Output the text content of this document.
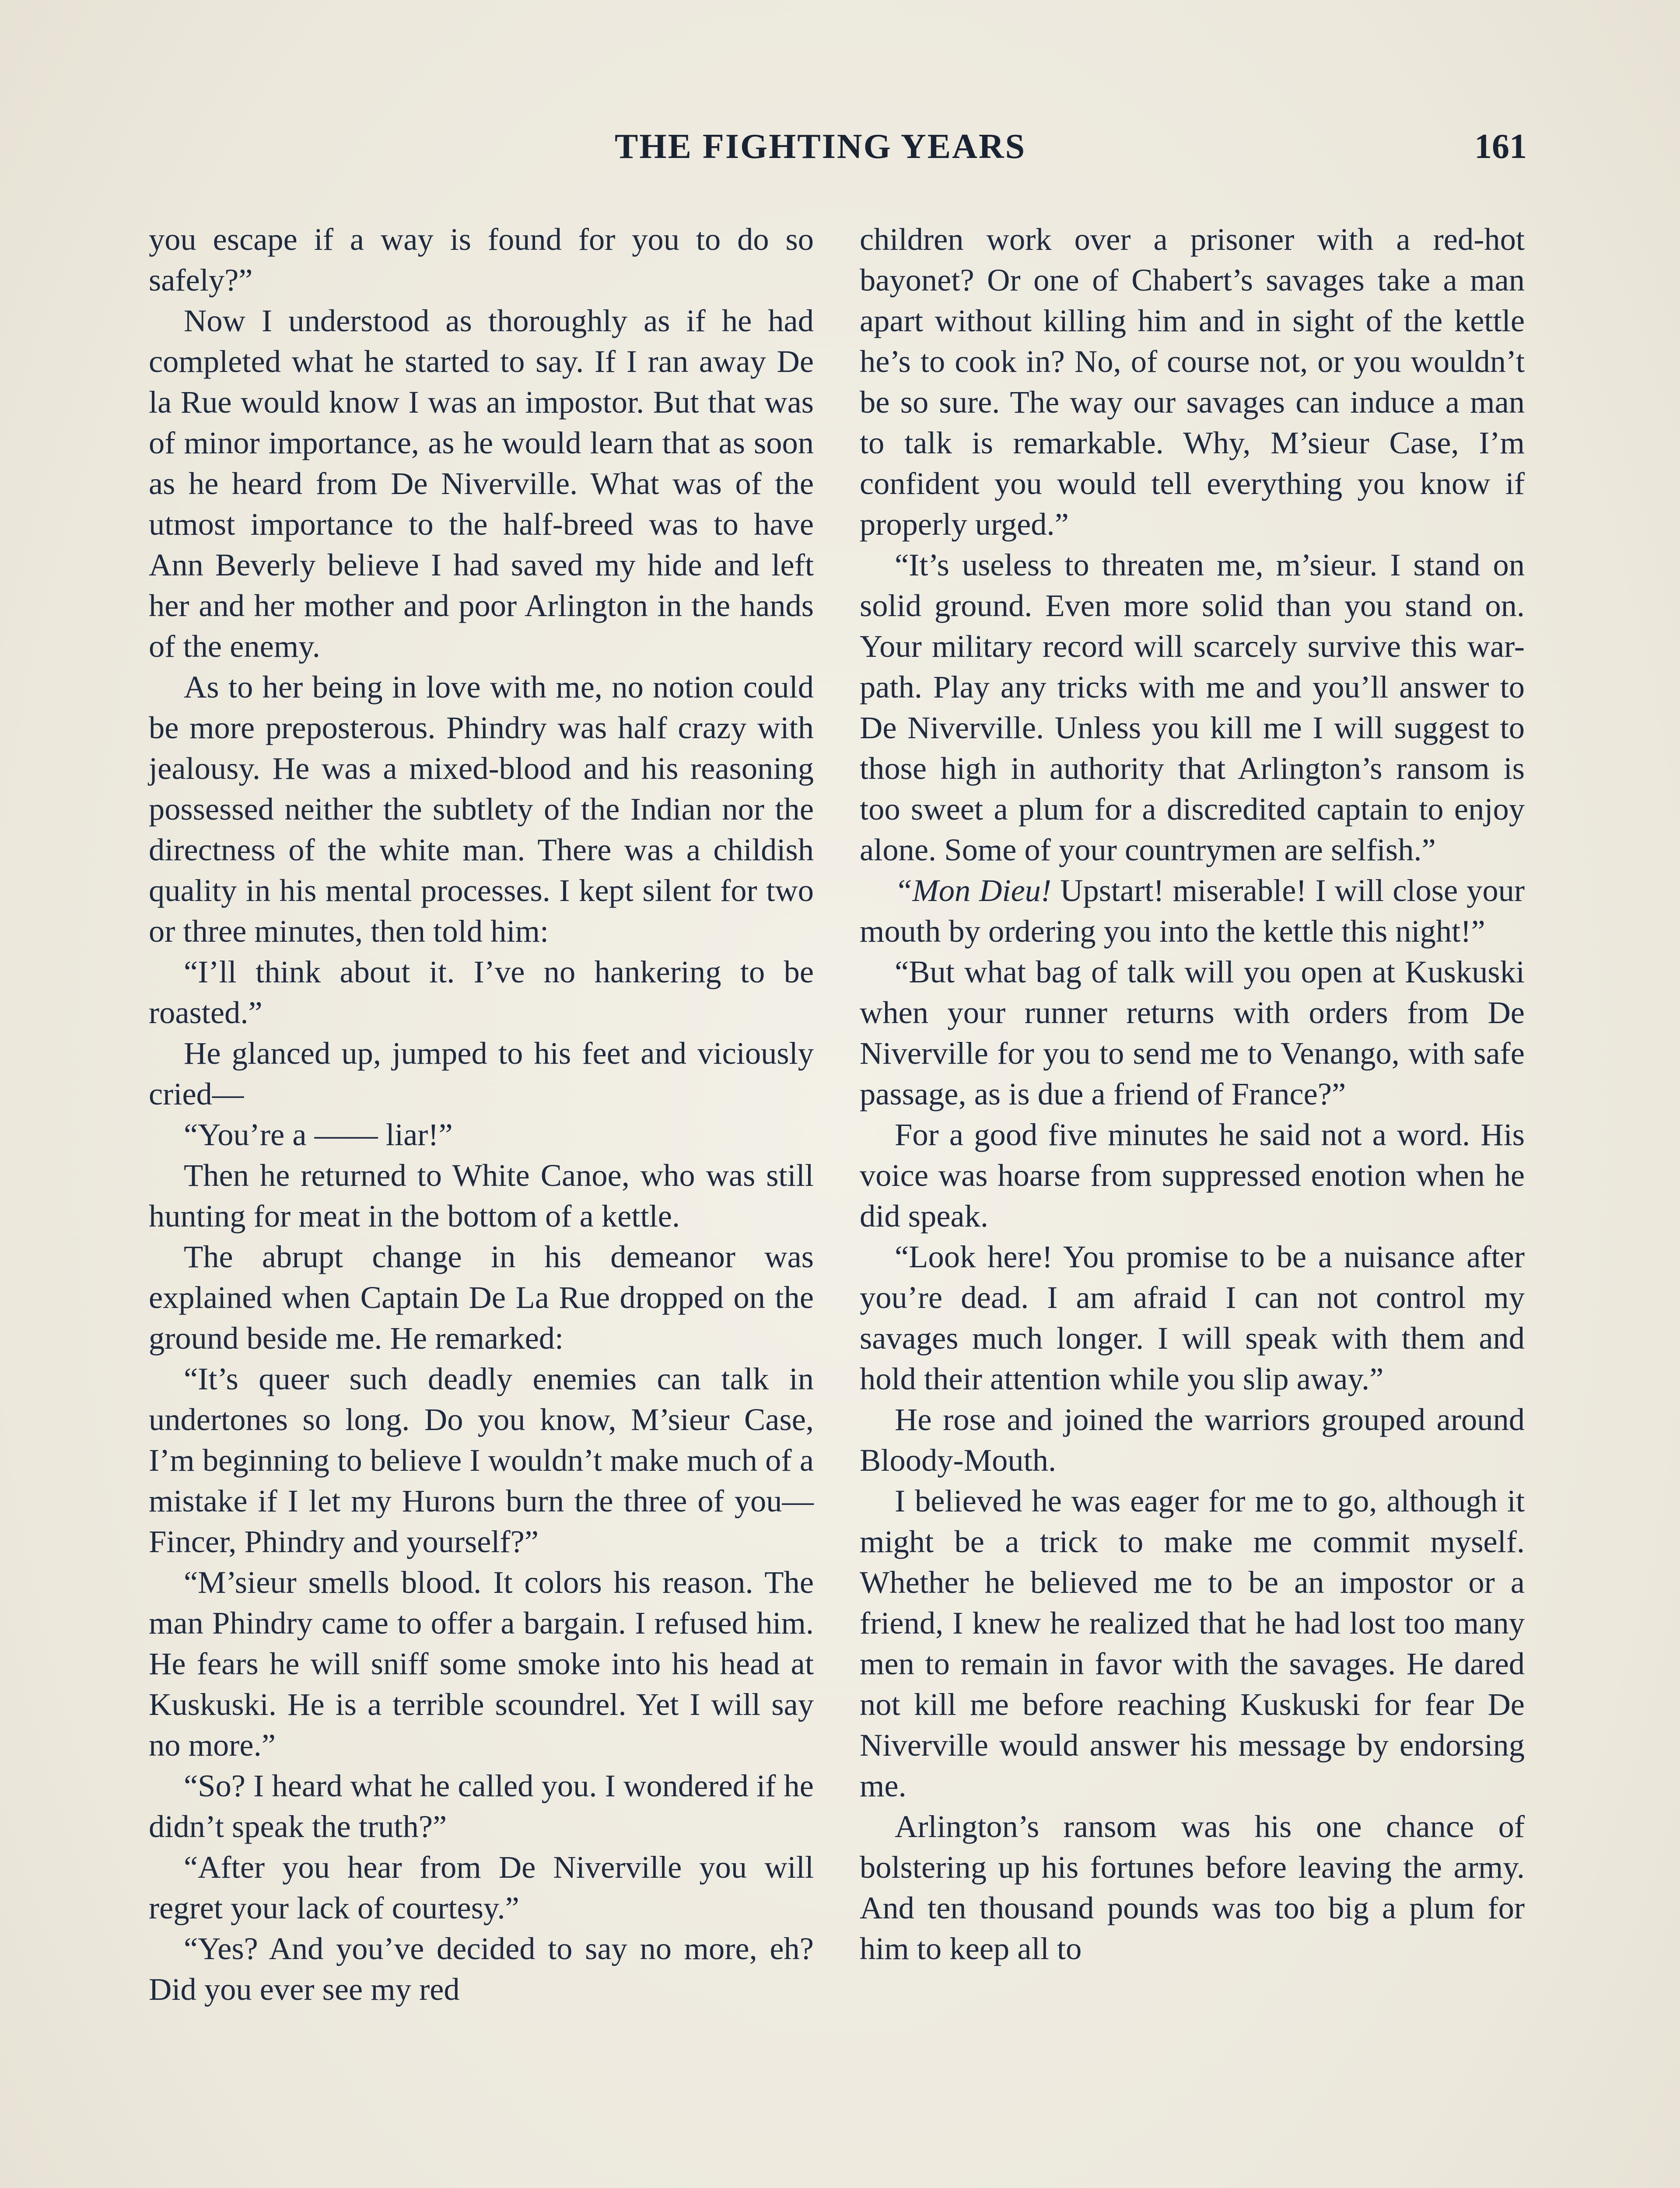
THE FIGHTING YEARS	161

you escape if a way is found for you to do so safely?”

Now I understood as thoroughly as if he had completed what he started to say. If I ran away De la Rue would know I was an impostor. But that was of minor importance, as he would learn that as soon as he heard from De Niverville. What was of the utmost importance to the half-breed was to have Ann Beverly believe I had saved my hide and left her and her mother and poor Arlington in the hands of the enemy.

As to her being in love with me, no notion could be more preposterous. Phindry was half crazy with jealousy. He was a mixed-blood and his reasoning possessed neither the subtlety of the Indian nor the directness of the white man. There was a childish quality in his mental processes. I kept silent for two or three minutes, then told him:

“I’ll think about it. I’ve no hankering to be roasted.”

He glanced up, jumped to his feet and viciously cried—

“You’re a —— liar!”

Then he returned to White Canoe, who was still hunting for meat in the bottom of a kettle.

The abrupt change in his demeanor was explained when Captain De La Rue dropped on the ground beside me. He remarked:

“It’s queer such deadly enemies can talk in undertones so long. Do you know, M’sieur Case, I’m beginning to believe I wouldn’t make much of a mistake if I let my Hurons burn the three of you—Fincer, Phindry and yourself?”

“M’sieur smells blood. It colors his reason. The man Phindry came to offer a bargain. I refused him. He fears he will sniff some smoke into his head at Kuskuski. He is a terrible scoundrel. Yet I will say no more.”

“So? I heard what he called you. I wondered if he didn’t speak the truth?”

“After you hear from De Niverville you will regret your lack of courtesy.”

“Yes? And you’ve decided to say no more, eh? Did you ever see my red

children work over a prisoner with a red-hot bayonet? Or one of Chabert’s savages take a man apart without killing him and in sight of the kettle he’s to cook in? No, of course not, or you wouldn’t be so sure. The way our savages can induce a man to talk is remarkable. Why, M’sieur Case, I’m confident you would tell everything you know if properly urged.”

“It’s useless to threaten me, m’sieur. I stand on solid ground. Even more solid than you stand on. Your military record will scarcely survive this war-path. Play any tricks with me and you’ll answer to De Niverville. Unless you kill me I will suggest to those high in authority that Arlington’s ransom is too sweet a plum for a discredited captain to enjoy alone. Some of your countrymen are selfish.”

“Mon Dieu! Upstart! miserable! I will close your mouth by ordering you into the kettle this night!”

“But what bag of talk will you open at Kuskuski when your runner returns with orders from De Niverville for you to send me to Venango, with safe passage, as is due a friend of France?”

For a good five minutes he said not a word. His voice was hoarse from suppressed enotion when he did speak.

“Look here! You promise to be a nuisance after you’re dead. I am afraid I can not control my savages much longer. I will speak with them and hold their attention while you slip away.”

He rose and joined the warriors grouped around Bloody-Mouth.

I believed he was eager for me to go, although it might be a trick to make me commit myself. Whether he believed me to be an impostor or a friend, I knew he realized that he had lost too many men to remain in favor with the savages. He dared not kill me before reaching Kuskuski for fear De Niverville would answer his message by endorsing me.

Arlington’s ransom was his one chance of bolstering up his fortunes before leaving the army. And ten thousand pounds was too big a plum for him to keep all to
